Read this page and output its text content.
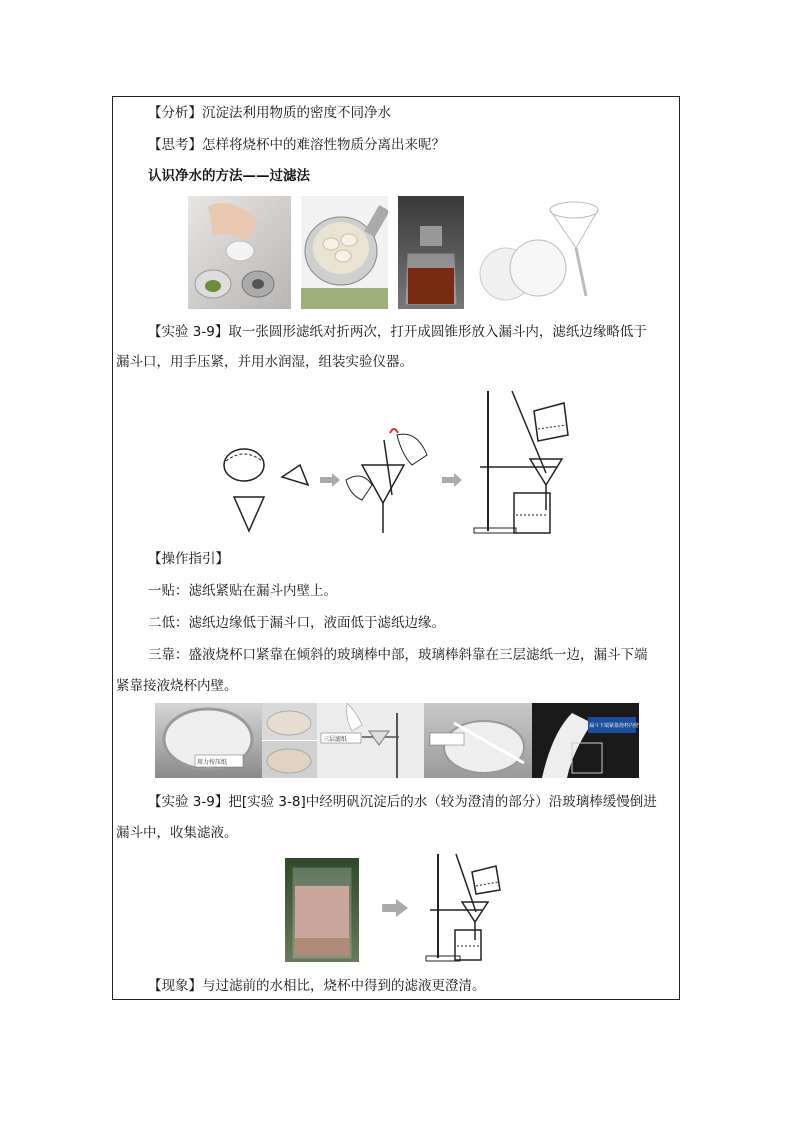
【分析】沉淀法利用物质的密度不同净水
【思考】怎样将烧杯中的难溶性物质分离出来呢？
认识净水的方法——过滤法
【实验 3-9】取一张圆形滤纸对折两次，打开成圆锥形放入漏斗内，滤纸边缘略低于
漏斗口，用手压紧，并用水润湿，组装实验仪器。
【操作指引】
一贴：滤纸紧贴在漏斗内壁上。
二低：滤纸边缘低于漏斗口，液面低于滤纸边缘。
三靠：盛液烧杯口紧靠在倾斜的玻璃棒中部，玻璃棒斜靠在三层滤纸一边，漏斗下端
紧靠接液烧杯内壁。
用力按压纸
三层滤纸
漏斗下端紧靠烧杯内壁
【实验 3-9】把[实验 3-8]中经明矾沉淀后的水（较为澄清的部分）沿玻璃棒缓慢倒进
漏斗中，收集滤液。
【现象】与过滤前的水相比，烧杯中得到的滤液更澄清。
